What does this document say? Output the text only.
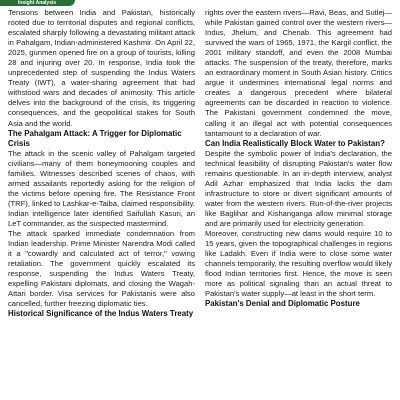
Insight Analysis

Tensions between India and Pakistan, historically rooted due to territorial disputes and regional conflicts, escalated sharply following a devastating militant attack in Pahalgam, Indian-administered Kashmir. On April 22, 2025, gunmen opened fire on a group of tourists, killing 28 and injuring over 20. In response, India took the unprecedented step of suspending the Indus Waters Treaty (IWT), a water-sharing agreement that had withstood wars and decades of animosity. This article delves into the background of the crisis, its triggering consequences, and the geopolitical stakes for South Asia and the world.

The Pahalgam Attack: A Trigger for Diplomatic Crisis

The attack in the scenic valley of Pahalgam targeted civilians—many of them honeymooning couples and families. Witnesses described scenes of chaos, with armed assailants reportedly asking for the religion of the victims before opening fire. The Resistance Front (TRF), linked to Lashkar-e-Taiba, claimed responsibility. Indian intelligence later identified Saifullah Kasuri, an LeT commander, as the suspected mastermind.

The attack sparked immediate condemnation from Indian leadership. Prime Minister Narendra Modi called it a "cowardly and calculated act of terror," vowing retaliation. The government quickly escalated its response, suspending the Indus Waters Treaty, expelling Pakistani diplomats, and closing the Wagah-Attari border. Visa services for Pakistanis were also cancelled, further freezing diplomatic ties.

Historical Significance of the Indus Waters Treaty

rights over the eastern rivers—Ravi, Beas, and Sutlej—while Pakistan gained control over the western rivers—Indus, Jhelum, and Chenab. This agreement had survived the wars of 1965, 1971, the Kargil conflict, the 2001 military standoff, and even the 2008 Mumbai attacks. The suspension of the treaty, therefore, marks an extraordinary moment in South Asian history. Critics argue it undermines international legal norms and creates a dangerous precedent where bilateral agreements can be discarded in reaction to violence. The Pakistani government condemned the move, calling it an illegal act with potential consequences tantamount to a declaration of war.

Can India Realistically Block Water to Pakistan?

Despite the symbolic power of India's declaration, the technical feasibility of disrupting Pakistan's water flow remains questionable. In an in-depth interview, analyst Adil Azhar emphasized that India lacks the dam infrastructure to store or divert significant amounts of water from the western rivers. Run-of-the-river projects like Baglihar and Kishanganga allow minimal storage and are primarily used for electricity generation.

Moreover, constructing new dams would require 10 to 15 years, given the topographical challenges in regions like Ladakh. Even if India were to close some water channels temporarily, the resulting overflow would likely flood Indian territories first. Hence, the move is seen more as political signaling than an actual threat to Pakistan's water supply—at least in the short term.

Pakistan's Denial and Diplomatic Posture
